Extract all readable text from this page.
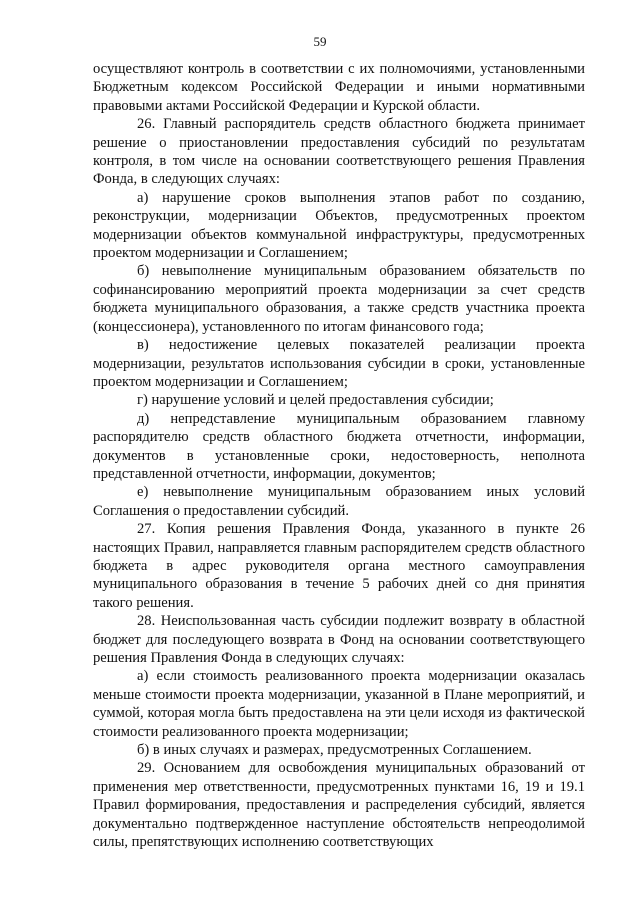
59

осуществляют контроль в соответствии с их полномочиями, установленными Бюджетным кодексом Российской Федерации и иными нормативными правовыми актами Российской Федерации и Курской области.

26. Главный распорядитель средств областного бюджета принимает решение о приостановлении предоставления субсидий по результатам контроля, в том числе на основании соответствующего решения Правления Фонда, в следующих случаях:

а) нарушение сроков выполнения этапов работ по созданию, реконструкции, модернизации Объектов, предусмотренных проектом модернизации объектов коммунальной инфраструктуры, предусмотренных проектом модернизации и Соглашением;

б) невыполнение муниципальным образованием обязательств по софинансированию мероприятий проекта модернизации за счет средств бюджета муниципального образования, а также средств участника проекта (концессионера), установленного по итогам финансового года;

в) недостижение целевых показателей реализации проекта модернизации, результатов использования субсидии в сроки, установленные проектом модернизации и Соглашением;

г) нарушение условий и целей предоставления субсидии;

д) непредставление муниципальным образованием главному распорядителю средств областного бюджета отчетности, информации, документов в установленные сроки, недостоверность, неполнота представленной отчетности, информации, документов;

е) невыполнение муниципальным образованием иных условий Соглашения о предоставлении субсидий.

27. Копия решения Правления Фонда, указанного в пункте 26 настоящих Правил, направляется главным распорядителем средств областного бюджета в адрес руководителя органа местного самоуправления муниципального образования в течение 5 рабочих дней со дня принятия такого решения.

28. Неиспользованная часть субсидии подлежит возврату в областной бюджет для последующего возврата в Фонд на основании соответствующего решения Правления Фонда в следующих случаях:

а) если стоимость реализованного проекта модернизации оказалась меньше стоимости проекта модернизации, указанной в Плане мероприятий, и суммой, которая могла быть предоставлена на эти цели исходя из фактической стоимости реализованного проекта модернизации;

б) в иных случаях и размерах, предусмотренных Соглашением.

29. Основанием для освобождения муниципальных образований от применения мер ответственности, предусмотренных пунктами 16, 19 и 19.1 Правил формирования, предоставления и распределения субсидий, является документально подтвержденное наступление обстоятельств непреодолимой силы, препятствующих исполнению соответствующих
